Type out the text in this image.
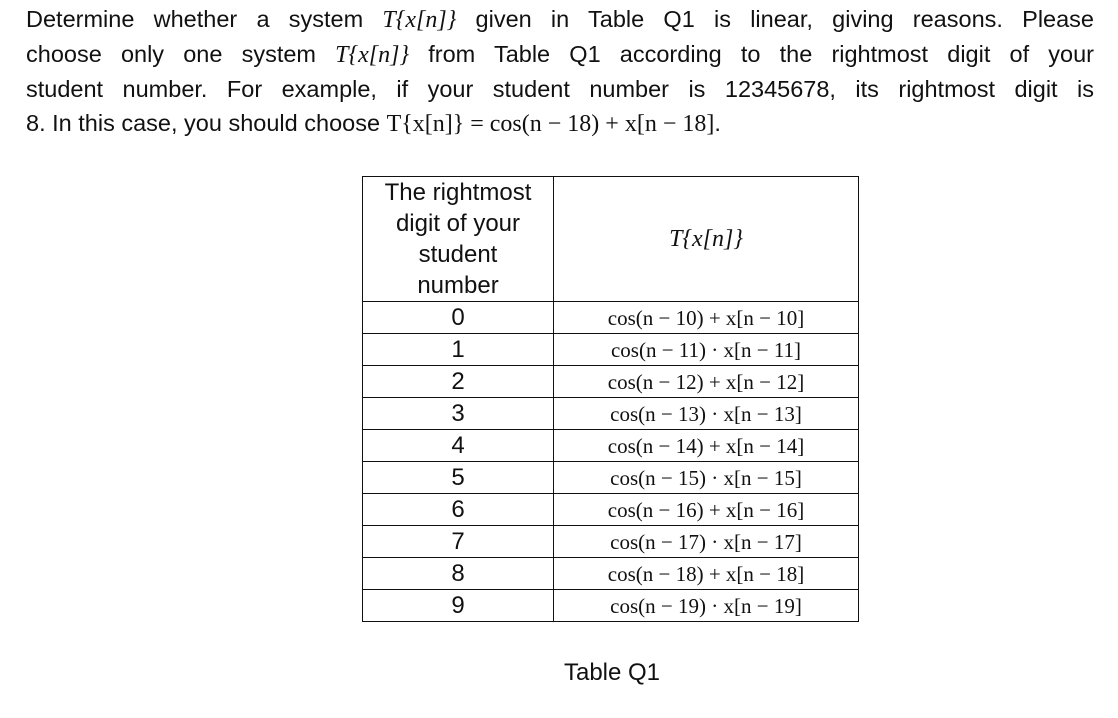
Determine whether a system T{x[n]} given in Table Q1 is linear, giving reasons. Please
choose only one system T{x[n]} from Table Q1 according to the rightmost digit of your
student number. For example, if your student number is 12345678, its rightmost digit is
8. In this case, you should choose T{x[n]} = cos(n − 18) + x[n − 18].
The rightmost digit of your student number	T{x[n]}
0	cos(n − 10) + x[n − 10]
1	cos(n − 11) · x[n − 11]
2	cos(n − 12) + x[n − 12]
3	cos(n − 13) · x[n − 13]
4	cos(n − 14) + x[n − 14]
5	cos(n − 15) · x[n − 15]
6	cos(n − 16) + x[n − 16]
7	cos(n − 17) · x[n − 17]
8	cos(n − 18) + x[n − 18]
9	cos(n − 19) · x[n − 19]
Table Q1
